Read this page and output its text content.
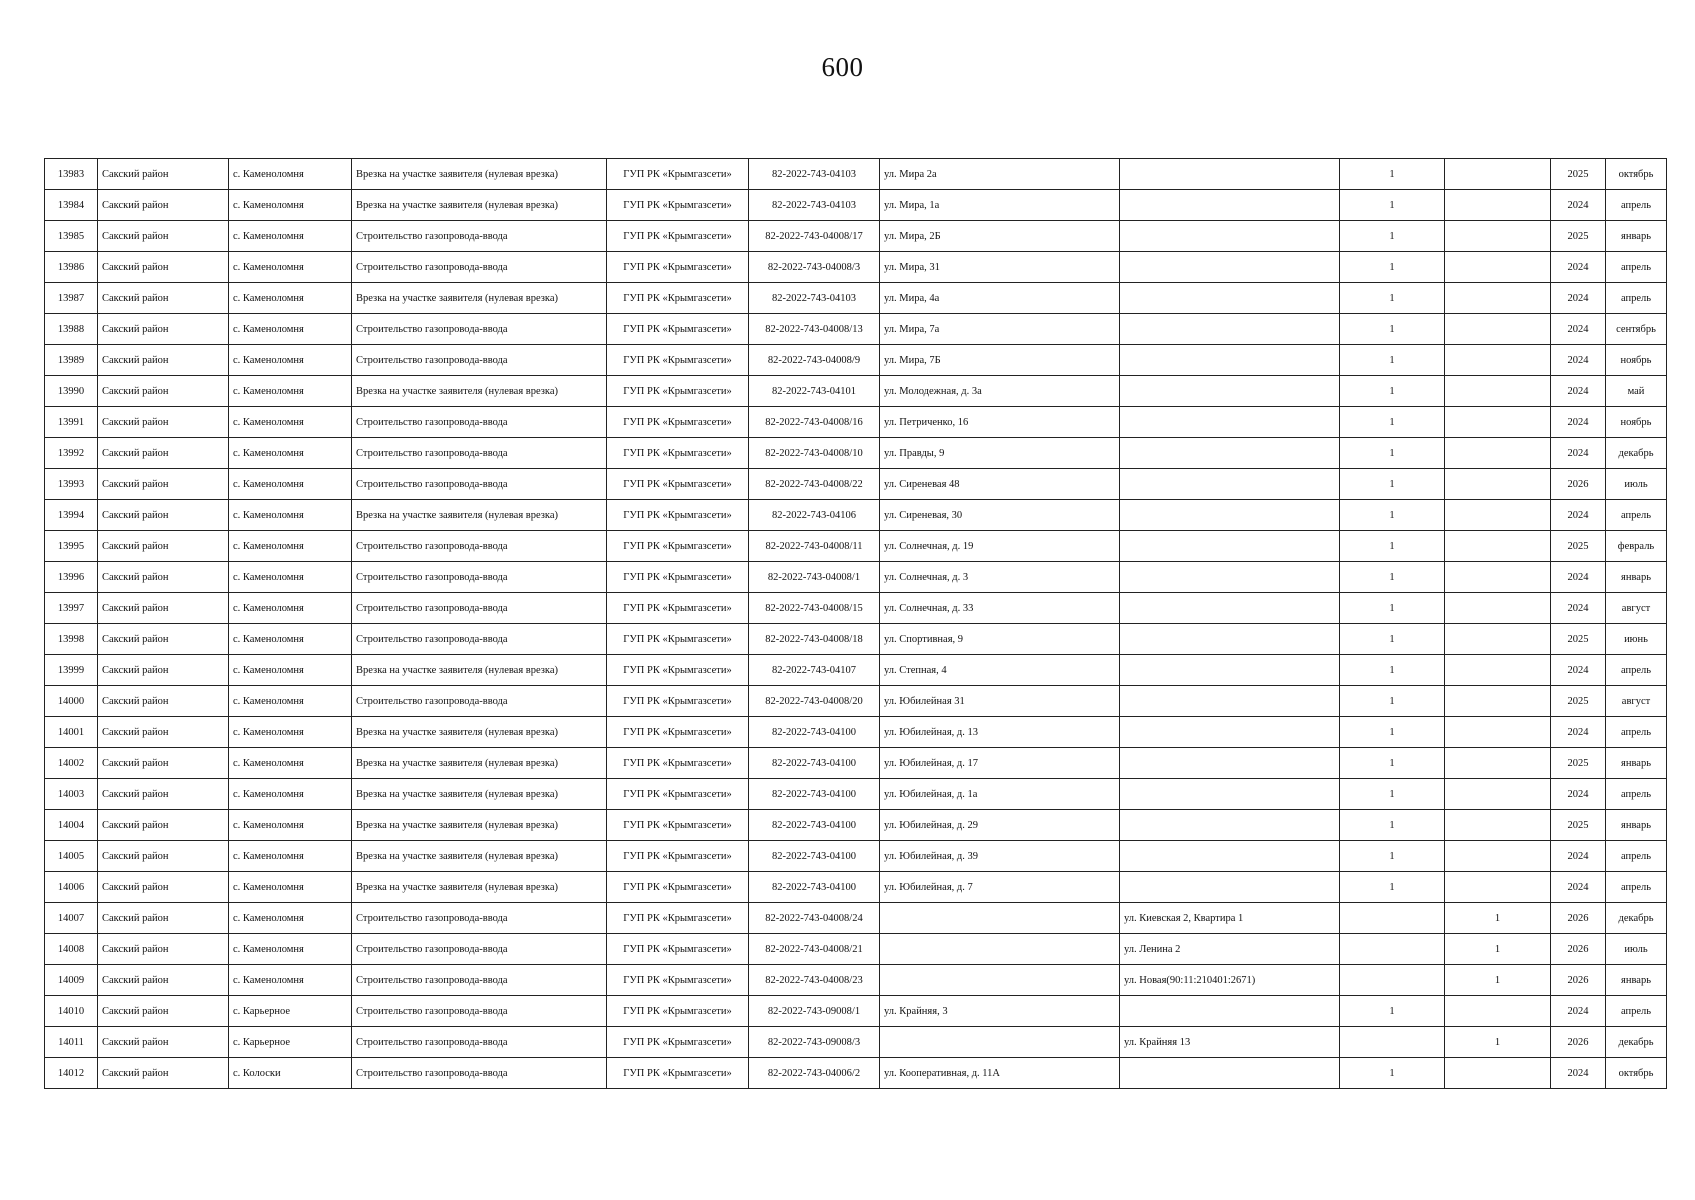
600
13983	Сакский район	с. Каменоломня	Врезка на участке заявителя (нулевая врезка)	ГУП РК «Крымгазсети»	82-2022-743-04103	ул. Мира 2а		1		2025	октябрь
13984	Сакский район	с. Каменоломня	Врезка на участке заявителя (нулевая врезка)	ГУП РК «Крымгазсети»	82-2022-743-04103	ул. Мира, 1а		1		2024	апрель
13985	Сакский район	с. Каменоломня	Строительство газопровода-ввода	ГУП РК «Крымгазсети»	82-2022-743-04008/17	ул. Мира, 2Б		1		2025	январь
13986	Сакский район	с. Каменоломня	Строительство газопровода-ввода	ГУП РК «Крымгазсети»	82-2022-743-04008/3	ул. Мира, 31		1		2024	апрель
13987	Сакский район	с. Каменоломня	Врезка на участке заявителя (нулевая врезка)	ГУП РК «Крымгазсети»	82-2022-743-04103	ул. Мира, 4а		1		2024	апрель
13988	Сакский район	с. Каменоломня	Строительство газопровода-ввода	ГУП РК «Крымгазсети»	82-2022-743-04008/13	ул. Мира, 7а		1		2024	сентябрь
13989	Сакский район	с. Каменоломня	Строительство газопровода-ввода	ГУП РК «Крымгазсети»	82-2022-743-04008/9	ул. Мира, 7Б		1		2024	ноябрь
13990	Сакский район	с. Каменоломня	Врезка на участке заявителя (нулевая врезка)	ГУП РК «Крымгазсети»	82-2022-743-04101	ул. Молодежная, д. 3а		1		2024	май
13991	Сакский район	с. Каменоломня	Строительство газопровода-ввода	ГУП РК «Крымгазсети»	82-2022-743-04008/16	ул. Петриченко, 16		1		2024	ноябрь
13992	Сакский район	с. Каменоломня	Строительство газопровода-ввода	ГУП РК «Крымгазсети»	82-2022-743-04008/10	ул. Правды, 9		1		2024	декабрь
13993	Сакский район	с. Каменоломня	Строительство газопровода-ввода	ГУП РК «Крымгазсети»	82-2022-743-04008/22	ул. Сиреневая 48		1		2026	июль
13994	Сакский район	с. Каменоломня	Врезка на участке заявителя (нулевая врезка)	ГУП РК «Крымгазсети»	82-2022-743-04106	ул. Сиреневая, 30		1		2024	апрель
13995	Сакский район	с. Каменоломня	Строительство газопровода-ввода	ГУП РК «Крымгазсети»	82-2022-743-04008/11	ул. Солнечная, д. 19		1		2025	февраль
13996	Сакский район	с. Каменоломня	Строительство газопровода-ввода	ГУП РК «Крымгазсети»	82-2022-743-04008/1	ул. Солнечная, д. 3		1		2024	январь
13997	Сакский район	с. Каменоломня	Строительство газопровода-ввода	ГУП РК «Крымгазсети»	82-2022-743-04008/15	ул. Солнечная, д. 33		1		2024	август
13998	Сакский район	с. Каменоломня	Строительство газопровода-ввода	ГУП РК «Крымгазсети»	82-2022-743-04008/18	ул. Спортивная, 9		1		2025	июнь
13999	Сакский район	с. Каменоломня	Врезка на участке заявителя (нулевая врезка)	ГУП РК «Крымгазсети»	82-2022-743-04107	ул. Степная, 4		1		2024	апрель
14000	Сакский район	с. Каменоломня	Строительство газопровода-ввода	ГУП РК «Крымгазсети»	82-2022-743-04008/20	ул. Юбилейная 31		1		2025	август
14001	Сакский район	с. Каменоломня	Врезка на участке заявителя (нулевая врезка)	ГУП РК «Крымгазсети»	82-2022-743-04100	ул. Юбилейная, д. 13		1		2024	апрель
14002	Сакский район	с. Каменоломня	Врезка на участке заявителя (нулевая врезка)	ГУП РК «Крымгазсети»	82-2022-743-04100	ул. Юбилейная, д. 17		1		2025	январь
14003	Сакский район	с. Каменоломня	Врезка на участке заявителя (нулевая врезка)	ГУП РК «Крымгазсети»	82-2022-743-04100	ул. Юбилейная, д. 1а		1		2024	апрель
14004	Сакский район	с. Каменоломня	Врезка на участке заявителя (нулевая врезка)	ГУП РК «Крымгазсети»	82-2022-743-04100	ул. Юбилейная, д. 29		1		2025	январь
14005	Сакский район	с. Каменоломня	Врезка на участке заявителя (нулевая врезка)	ГУП РК «Крымгазсети»	82-2022-743-04100	ул. Юбилейная, д. 39		1		2024	апрель
14006	Сакский район	с. Каменоломня	Врезка на участке заявителя (нулевая врезка)	ГУП РК «Крымгазсети»	82-2022-743-04100	ул. Юбилейная, д. 7		1		2024	апрель
14007	Сакский район	с. Каменоломня	Строительство газопровода-ввода	ГУП РК «Крымгазсети»	82-2022-743-04008/24		ул. Киевская 2, Квартира 1		1	2026	декабрь
14008	Сакский район	с. Каменоломня	Строительство газопровода-ввода	ГУП РК «Крымгазсети»	82-2022-743-04008/21		ул. Ленина 2		1	2026	июль
14009	Сакский район	с. Каменоломня	Строительство газопровода-ввода	ГУП РК «Крымгазсети»	82-2022-743-04008/23		ул. Новая(90:11:210401:2671)		1	2026	январь
14010	Сакский район	с. Карьерное	Строительство газопровода-ввода	ГУП РК «Крымгазсети»	82-2022-743-09008/1	ул. Крайняя, 3		1		2024	апрель
14011	Сакский район	с. Карьерное	Строительство газопровода-ввода	ГУП РК «Крымгазсети»	82-2022-743-09008/3		ул. Крайняя 13		1	2026	декабрь
14012	Сакский район	с. Колоски	Строительство газопровода-ввода	ГУП РК «Крымгазсети»	82-2022-743-04006/2	ул. Кооперативная, д. 11А		1		2024	октябрь
